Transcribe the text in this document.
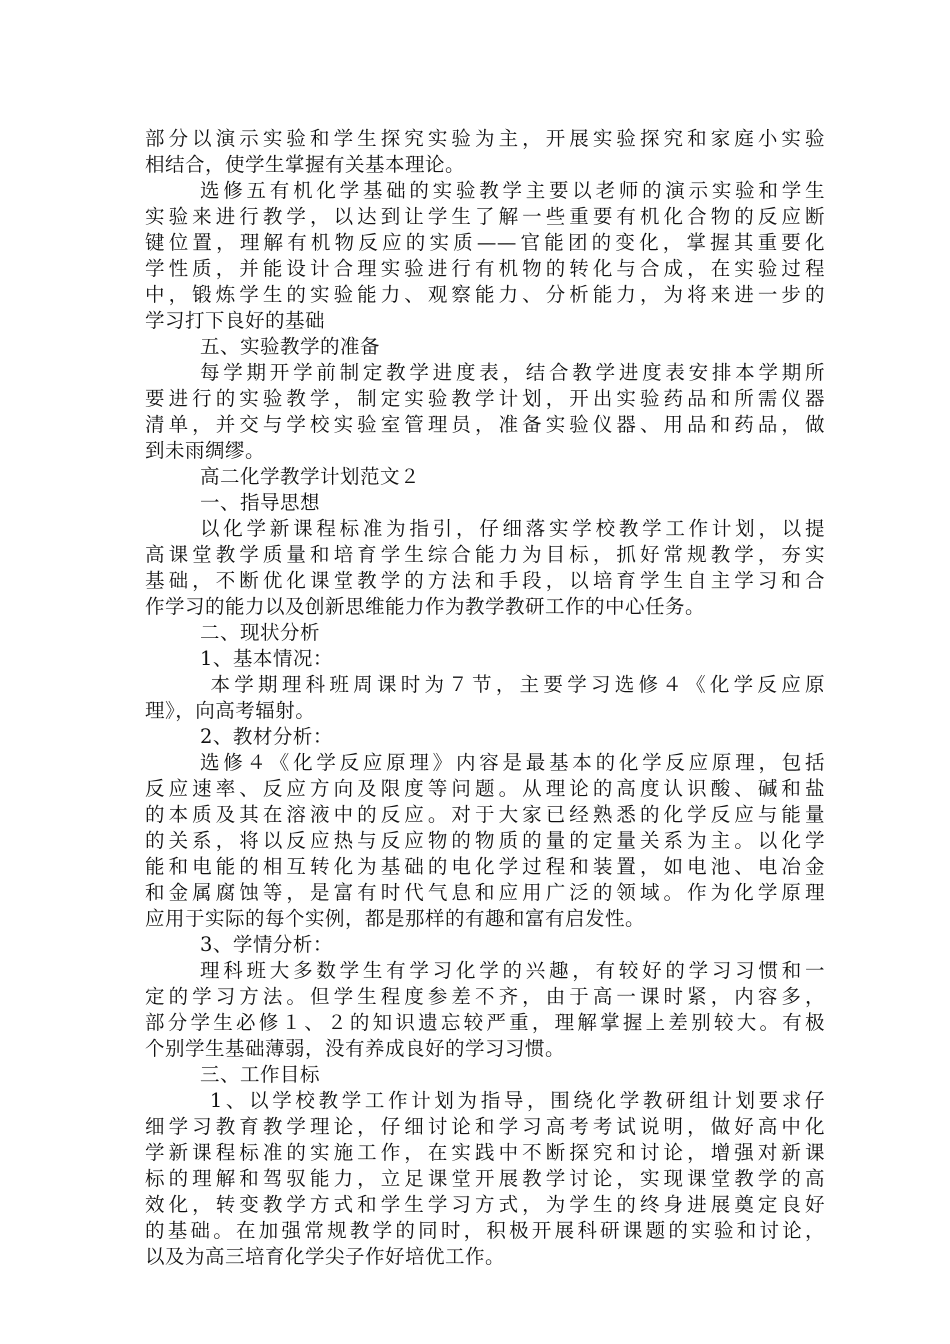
部分以演示实验和学生探究实验为主，开展实验探究和家庭小实验
相结合，使学生掌握有关基本理论。
选修五有机化学基础的实验教学主要以老师的演示实验和学生
实验来进行教学，以达到让学生了解一些重要有机化合物的反应断
键位置，理解有机物反应的实质——官能团的变化，掌握其重要化
学性质，并能设计合理实验进行有机物的转化与合成，在实验过程
中，锻炼学生的实验能力、观察能力、分析能力，为将来进一步的
学习打下良好的基础
五、实验教学的准备
每学期开学前制定教学进度表，结合教学进度表安排本学期所
要进行的实验教学，制定实验教学计划，开出实验药品和所需仪器
清单，并交与学校实验室管理员，准备实验仪器、用品和药品，做
到未雨绸缪。
高二化学教学计划范文２
一、指导思想
以化学新课程标准为指引，仔细落实学校教学工作计划，以提
高课堂教学质量和培育学生综合能力为目标，抓好常规教学，夯实
基础，不断优化课堂教学的方法和手段，以培育学生自主学习和合
作学习的能力以及创新思维能力作为教学教研工作的中心任务。
二、现状分析
1、基本情况：
本学期理科班周课时为７节，主要学习选修４《化学反应原
理》，向高考辐射。
2、教材分析：
选修４《化学反应原理》内容是最基本的化学反应原理，包括
反应速率、反应方向及限度等问题。从理论的高度认识酸、碱和盐
的本质及其在溶液中的反应。对于大家已经熟悉的化学反应与能量
的关系，将以反应热与反应物的物质的量的定量关系为主。以化学
能和电能的相互转化为基础的电化学过程和装置，如电池、电冶金
和金属腐蚀等，是富有时代气息和应用广泛的领域。作为化学原理
应用于实际的每个实例，都是那样的有趣和富有启发性。
3、学情分析：
理科班大多数学生有学习化学的兴趣，有较好的学习习惯和一
定的学习方法。但学生程度参差不齐，由于高一课时紧，内容多，
部分学生必修１、２的知识遗忘较严重，理解掌握上差别较大。有极
个别学生基础薄弱，没有养成良好的学习习惯。
三、工作目标
1、以学校教学工作计划为指导，围绕化学教研组计划要求仔
细学习教育教学理论，仔细讨论和学习高考考试说明，做好高中化
学新课程标准的实施工作，在实践中不断探究和讨论，增强对新课
标的理解和驾驭能力，立足课堂开展教学讨论，实现课堂教学的高
效化，转变教学方式和学生学习方式，为学生的终身进展奠定良好
的基础。在加强常规教学的同时，积极开展科研课题的实验和讨论，
以及为高三培育化学尖子作好培优工作。
